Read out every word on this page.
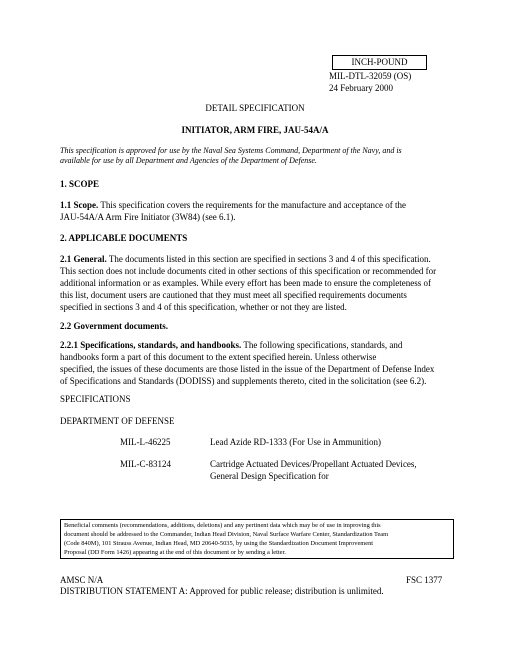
INCH-POUND
MIL-DTL-32059 (OS)
24 February 2000
DETAIL SPECIFICATION
INITIATOR, ARM FIRE, JAU-54A/A
This specification is approved for use by the Naval Sea Systems Command, Department of the Navy, and is
available for use by all Department and Agencies of the Department of Defense.
1. SCOPE
1.1 Scope. This specification covers the requirements for the manufacture and acceptance of the
JAU-54A/A Arm Fire Initiator (3W84) (see 6.1).
2. APPLICABLE DOCUMENTS
2.1 General. The documents listed in this section are specified in sections 3 and 4 of this specification.
This section does not include documents cited in other sections of this specification or recommended for
additional information or as examples. While every effort has been made to ensure the completeness of
this list, document users are cautioned that they must meet all specified requirements documents
specified in sections 3 and 4 of this specification, whether or not they are listed.
2.2 Government documents.
2.2.1 Specifications, standards, and handbooks. The following specifications, standards, and
handbooks form a part of this document to the extent specified herein. Unless otherwise
specified, the issues of these documents are those listed in the issue of the Department of Defense Index
of Specifications and Standards (DODISS) and supplements thereto, cited in the solicitation (see 6.2).
SPECIFICATIONS
DEPARTMENT OF DEFENSE
MIL-L-46225	Lead Azide RD-1333 (For Use in Ammunition)
MIL-C-83124	Cartridge Actuated Devices/Propellant Actuated Devices,
General Design Specification for
Beneficial comments (recommendations, additions, deletions) and any pertinent data which may be of use in improving this
document should be addressed to the Commander, Indian Head Division, Naval Surface Warfare Center, Standardization Team
(Code 840M), 101 Strauss Avenue, Indian Head, MD 20640-5035, by using the Standardization Document Improvement
Proposal (DD Form 1426) appearing at the end of this document or by sending a letter.
AMSC N/A	FSC 1377
DISTRIBUTION STATEMENT A: Approved for public release; distribution is unlimited.
